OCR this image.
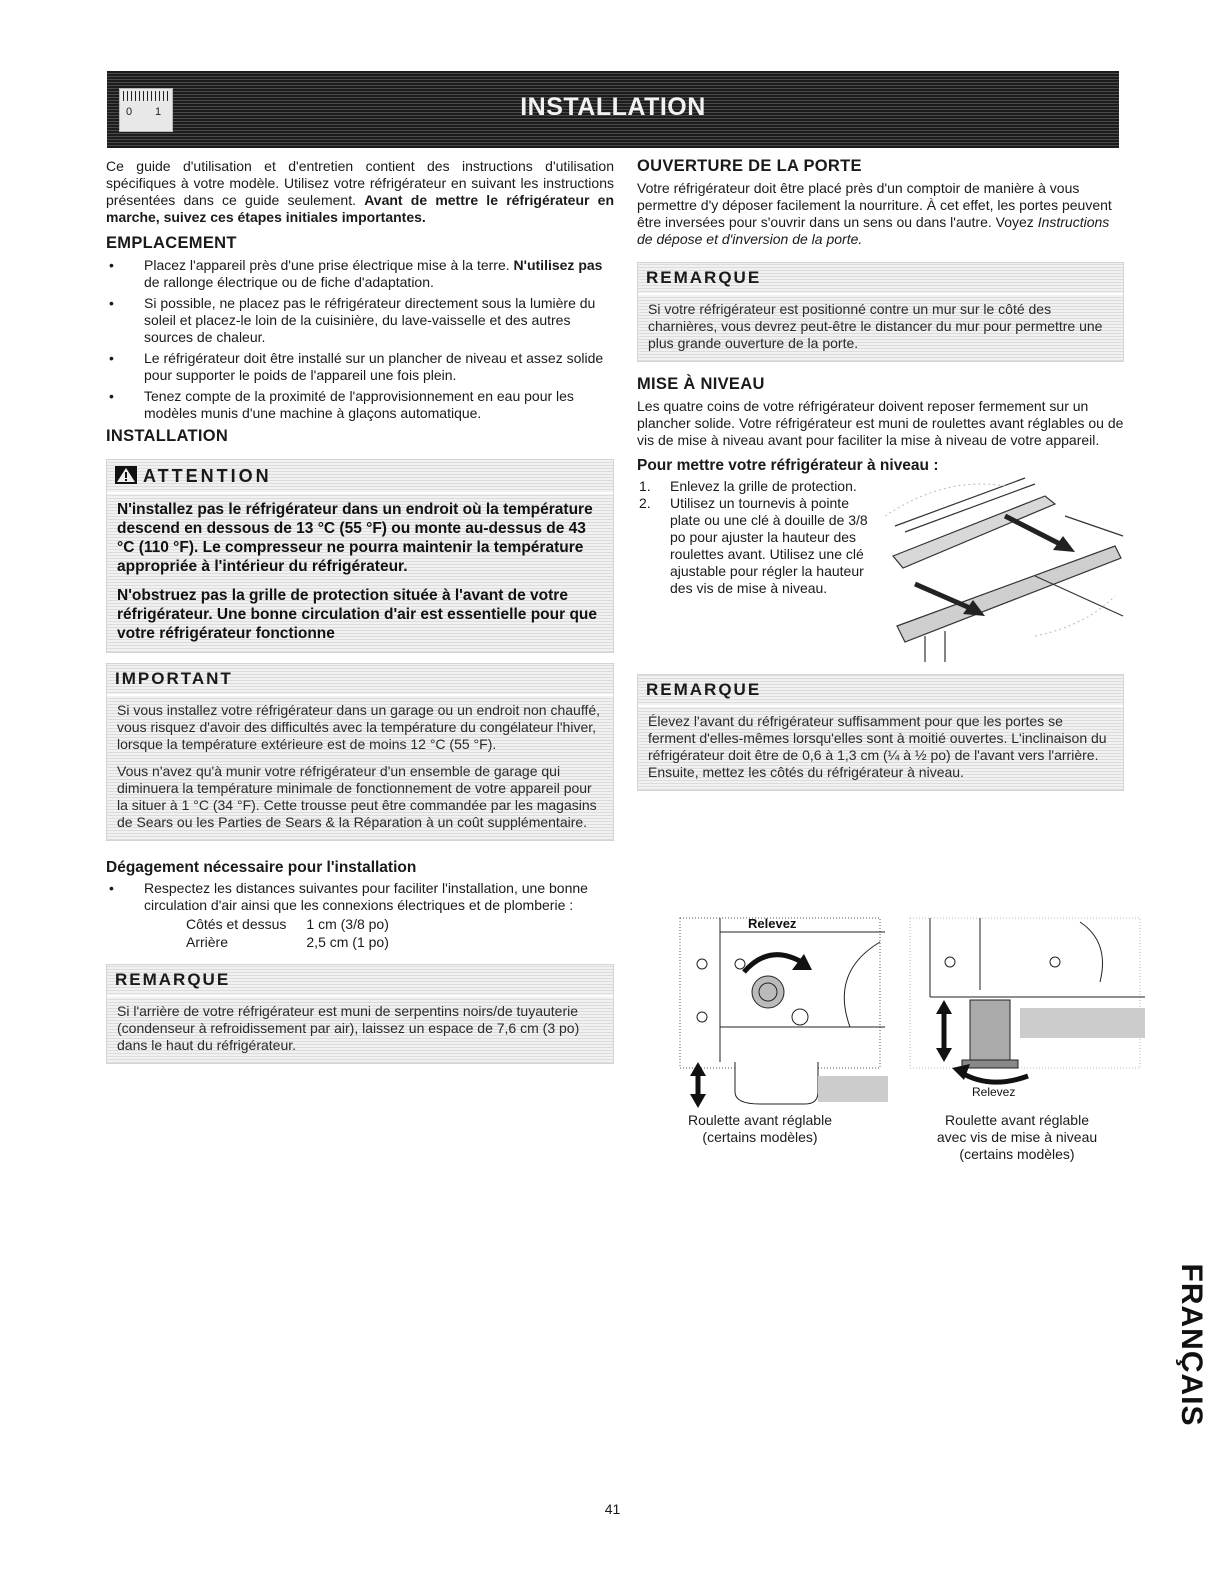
0 1	INSTALLATION

Ce guide d'utilisation et d'entretien contient des instructions d'utilisation spécifiques à votre modèle. Utilisez votre réfrigérateur en suivant les instructions présentées dans ce guide seulement. Avant de mettre le réfrigérateur en marche, suivez ces étapes initiales importantes.

EMPLACEMENT
• Placez l'appareil près d'une prise électrique mise à la terre. N'utilisez pas de rallonge électrique ou de fiche d'adaptation.
• Si possible, ne placez pas le réfrigérateur directement sous la lumière du soleil et placez-le loin de la cuisinière, du lave-vaisselle et des autres sources de chaleur.
• Le réfrigérateur doit être installé sur un plancher de niveau et assez solide pour supporter le poids de l'appareil une fois plein.
• Tenez compte de la proximité de l'approvisionnement en eau pour les modèles munis d'une machine à glaçons automatique.
INSTALLATION
ATTENTION

N'installez pas le réfrigérateur dans un endroit où la température descend en dessous de 13 °C (55 °F) ou monte au-dessus de 43 °C (110 °F). Le compresseur ne pourra maintenir la température appropriée à l'intérieur du réfrigérateur.

N'obstruez pas la grille de protection située à l'avant de votre réfrigérateur. Une bonne circulation d'air est essentielle pour que votre réfrigérateur fonctionne

IMPORTANT

Si vous installez votre réfrigérateur dans un garage ou un endroit non chauffé, vous risquez d'avoir des difficultés avec la température du congélateur l'hiver, lorsque la température extérieure est de moins 12 °C (55 °F).

Vous n'avez qu'à munir votre réfrigérateur d'un ensemble de garage qui diminuera la température minimale de fonctionnement de votre appareil pour la situer à 1 °C (34 °F). Cette trousse peut être commandée par les magasins de Sears ou les Parties de Sears & la Réparation à un coût supplémentaire.

Dégagement nécessaire pour l'installation
• Respectez les distances suivantes pour faciliter l'installation, une bonne circulation d'air ainsi que les connexions électriques et de plomberie :
Côtés et dessus	1 cm (3/8 po)
Arrière	2,5 cm (1 po)
REMARQUE

Si l'arrière de votre réfrigérateur est muni de serpentins noirs/de tuyauterie (condenseur à refroidissement par air), laissez un espace de 7,6 cm (3 po) dans le haut du réfrigérateur.

OUVERTURE DE LA PORTE

Votre réfrigérateur doit être placé près d'un comptoir de manière à vous permettre d'y déposer facilement la nourriture. À cet effet, les portes peuvent être inversées pour s'ouvrir dans un sens ou dans l'autre. Voyez Instructions de dépose et d'inversion de la porte.

REMARQUE

Si votre réfrigérateur est positionné contre un mur sur le côté des charnières, vous devrez peut-être le distancer du mur pour permettre une plus grande ouverture de la porte.

MISE À NIVEAU

Les quatre coins de votre réfrigérateur doivent reposer fermement sur un plancher solide. Votre réfrigérateur est muni de roulettes avant réglables ou de vis de mise à niveau avant pour faciliter la mise à niveau de votre appareil.

Pour mettre votre réfrigérateur à niveau :
1. Enlevez la grille de protection.
2. Utilisez un tournevis à pointe plate ou une clé à douille de 3/8 po pour ajuster la hauteur des roulettes avant. Utilisez une clé ajustable pour régler la hauteur des vis de mise à niveau.
REMARQUE

Élevez l'avant du réfrigérateur suffisamment pour que les portes se ferment d'elles-mêmes lorsqu'elles sont à moitié ouvertes. L'inclinaison du réfrigérateur doit être de 0,6 à 1,3 cm (¼ à ½ po) de l'avant vers l'arrière. Ensuite, mettez les côtés du réfrigérateur à niveau.

Relevez
Relevez
Roulette avant réglable
(certains modèles)
Roulette avant réglable
avec vis de mise à niveau
(certains modèles)
FRANÇAIS
41
